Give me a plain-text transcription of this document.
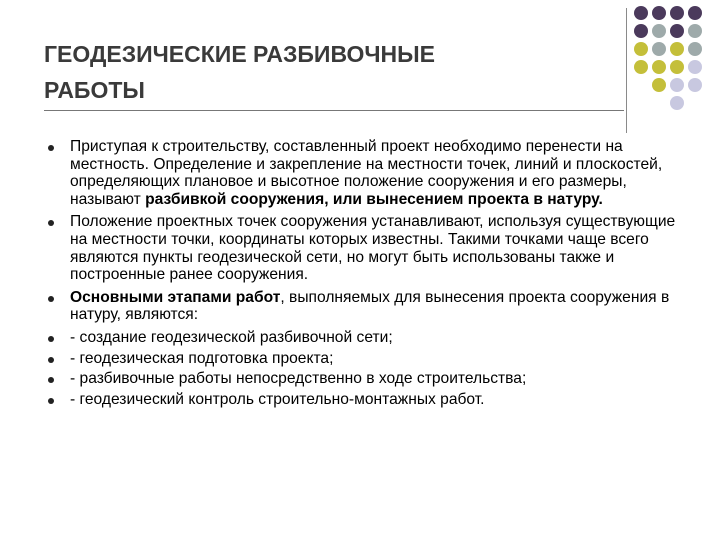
ГЕОДЕЗИЧЕСКИЕ РАЗБИВОЧНЫЕ
РАБОТЫ
Приступая к строительству, составленный проект необходимо перенести на местность. Определение и закрепление на местности точек, линий и плоскостей, определяющих плановое и высотное положение сооружения и его размеры, называют разбивкой сооружения, или вынесением проекта в натуру.
Положение проектных точек сооружения устанавливают, используя существующие на местности точки, координаты которых известны. Такими точками чаще всего являются пункты геодезической сети, но могут быть использованы также и построенные ранее сооружения.
Основными этапами работ, выполняемых для вынесения проекта сооружения в натуру, являются:
- создание геодезической разбивочной сети;
- геодезическая подготовка проекта;
- разбивочные работы непосредственно в ходе строительства;
- геодезический контроль строительно-монтажных работ.
